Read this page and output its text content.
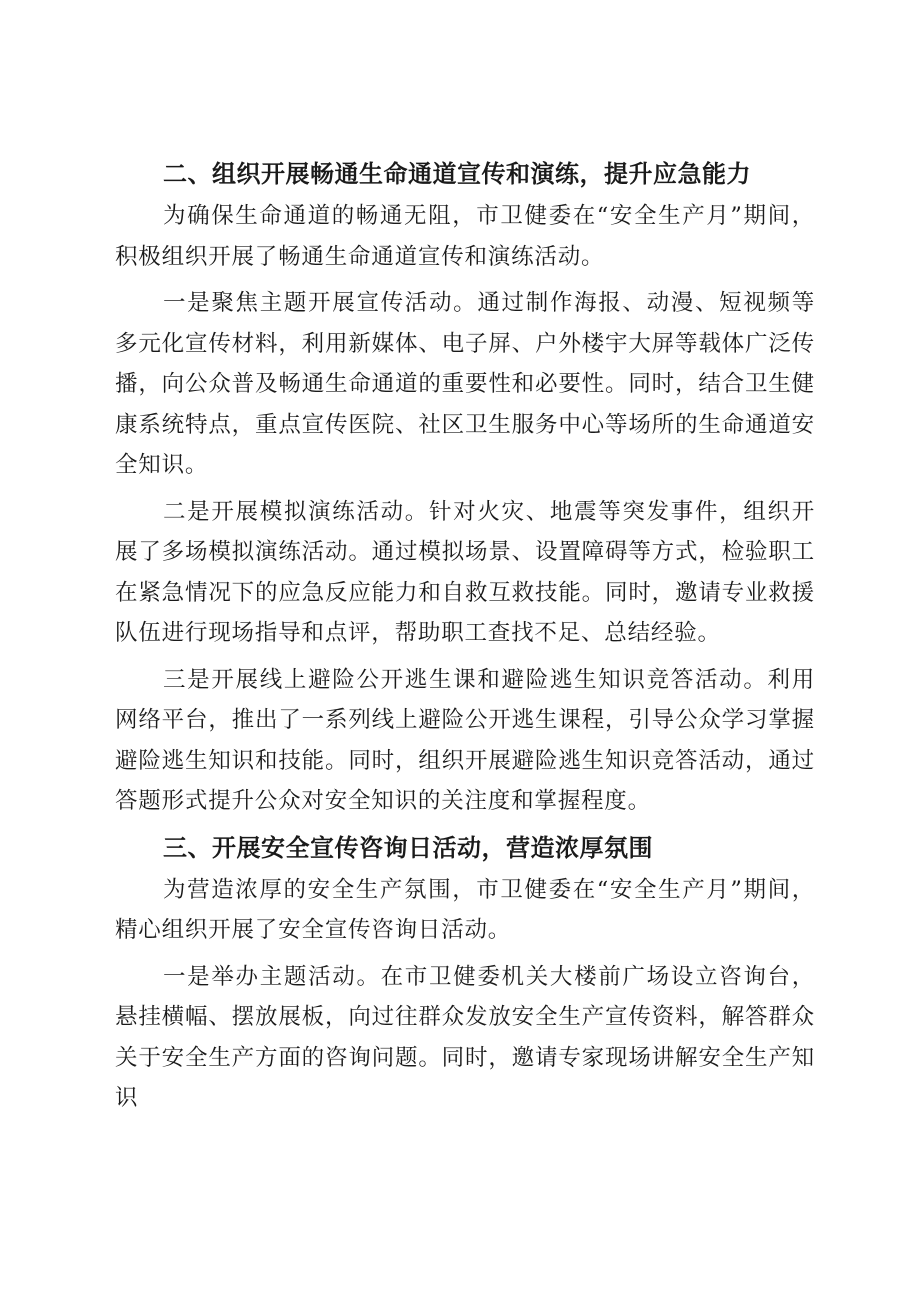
二、组织开展畅通生命通道宣传和演练，提升应急能力

为确保生命通道的畅通无阻，市卫健委在“安全生产月”期间，积极组织开展了畅通生命通道宣传和演练活动。

一是聚焦主题开展宣传活动。通过制作海报、动漫、短视频等多元化宣传材料，利用新媒体、电子屏、户外楼宇大屏等载体广泛传播，向公众普及畅通生命通道的重要性和必要性。同时，结合卫生健康系统特点，重点宣传医院、社区卫生服务中心等场所的生命通道安全知识。

二是开展模拟演练活动。针对火灾、地震等突发事件，组织开展了多场模拟演练活动。通过模拟场景、设置障碍等方式，检验职工在紧急情况下的应急反应能力和自救互救技能。同时，邀请专业救援队伍进行现场指导和点评，帮助职工查找不足、总结经验。

三是开展线上避险公开逃生课和避险逃生知识竞答活动。利用网络平台，推出了一系列线上避险公开逃生课程，引导公众学习掌握避险逃生知识和技能。同时，组织开展避险逃生知识竞答活动，通过答题形式提升公众对安全知识的关注度和掌握程度。

三、开展安全宣传咨询日活动，营造浓厚氛围

为营造浓厚的安全生产氛围，市卫健委在“安全生产月”期间，精心组织开展了安全宣传咨询日活动。

一是举办主题活动。在市卫健委机关大楼前广场设立咨询台，悬挂横幅、摆放展板，向过往群众发放安全生产宣传资料，解答群众关于安全生产方面的咨询问题。同时，邀请专家现场讲解安全生产知识
